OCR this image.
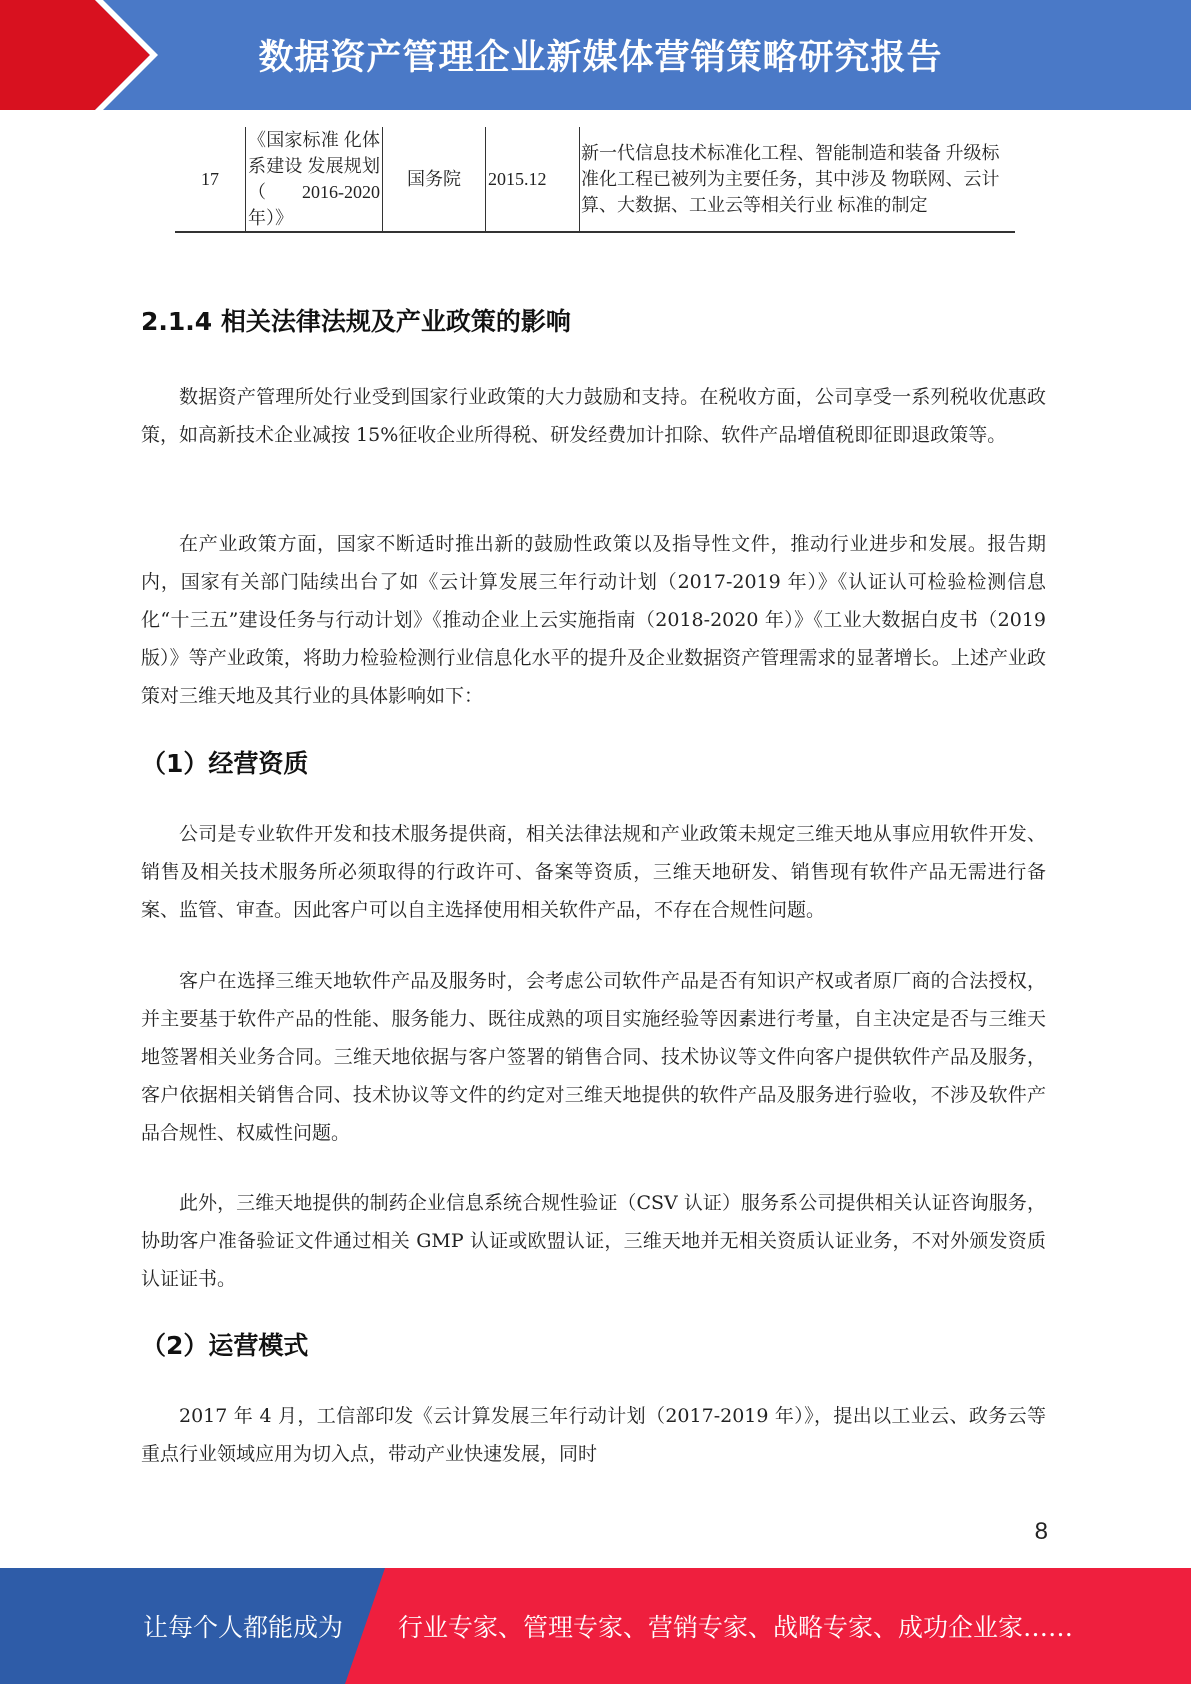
数据资产管理企业新媒体营销策略研究报告
17	《国家标准 化体系建设 发展规划 （ 2016-2020年）》	国务院	2015.12	新一代信息技术标准化工程、智能制造和装备 升级标准化工程已被列为主要任务，其中涉及 物联网、云计算、大数据、工业云等相关行业 标准的制定
2.1.4 相关法律法规及产业政策的影响
数据资产管理所处行业受到国家行业政策的大力鼓励和支持。在税收方面，公司享受一系列税收优惠政策，如高新技术企业减按 15%征收企业所得税、研发经费加计扣除、软件产品增值税即征即退政策等。
在产业政策方面，国家不断适时推出新的鼓励性政策以及指导性文件，推动行业进步和发展。报告期内，国家有关部门陆续出台了如《云计算发展三年行动计划（2017-2019 年）》《认证认可检验检测信息化“十三五”建设任务与行动计划》《推动企业上云实施指南（2018-2020 年）》《工业大数据白皮书（2019 版）》等产业政策，将助力检验检测行业信息化水平的提升及企业数据资产管理需求的显著增长。上述产业政策对三维天地及其行业的具体影响如下：
（1）经营资质
公司是专业软件开发和技术服务提供商，相关法律法规和产业政策未规定三维天地从事应用软件开发、销售及相关技术服务所必须取得的行政许可、备案等资质，三维天地研发、销售现有软件产品无需进行备案、监管、审查。因此客户可以自主选择使用相关软件产品，不存在合规性问题。
客户在选择三维天地软件产品及服务时，会考虑公司软件产品是否有知识产权或者原厂商的合法授权，并主要基于软件产品的性能、服务能力、既往成熟的项目实施经验等因素进行考量，自主决定是否与三维天地签署相关业务合同。三维天地依据与客户签署的销售合同、技术协议等文件向客户提供软件产品及服务，客户依据相关销售合同、技术协议等文件的约定对三维天地提供的软件产品及服务进行验收，不涉及软件产品合规性、权威性问题。
此外，三维天地提供的制药企业信息系统合规性验证（CSV 认证）服务系公司提供相关认证咨询服务，协助客户准备验证文件通过相关 GMP 认证或欧盟认证，三维天地并无相关资质认证业务，不对外颁发资质认证证书。
（2）运营模式
2017 年 4 月，工信部印发《云计算发展三年行动计划（2017-2019 年）》，提出以工业云、政务云等重点行业领域应用为切入点，带动产业快速发展，同时
8
让每个人都能成为 行业专家、管理专家、营销专家、战略专家、成功企业家……
